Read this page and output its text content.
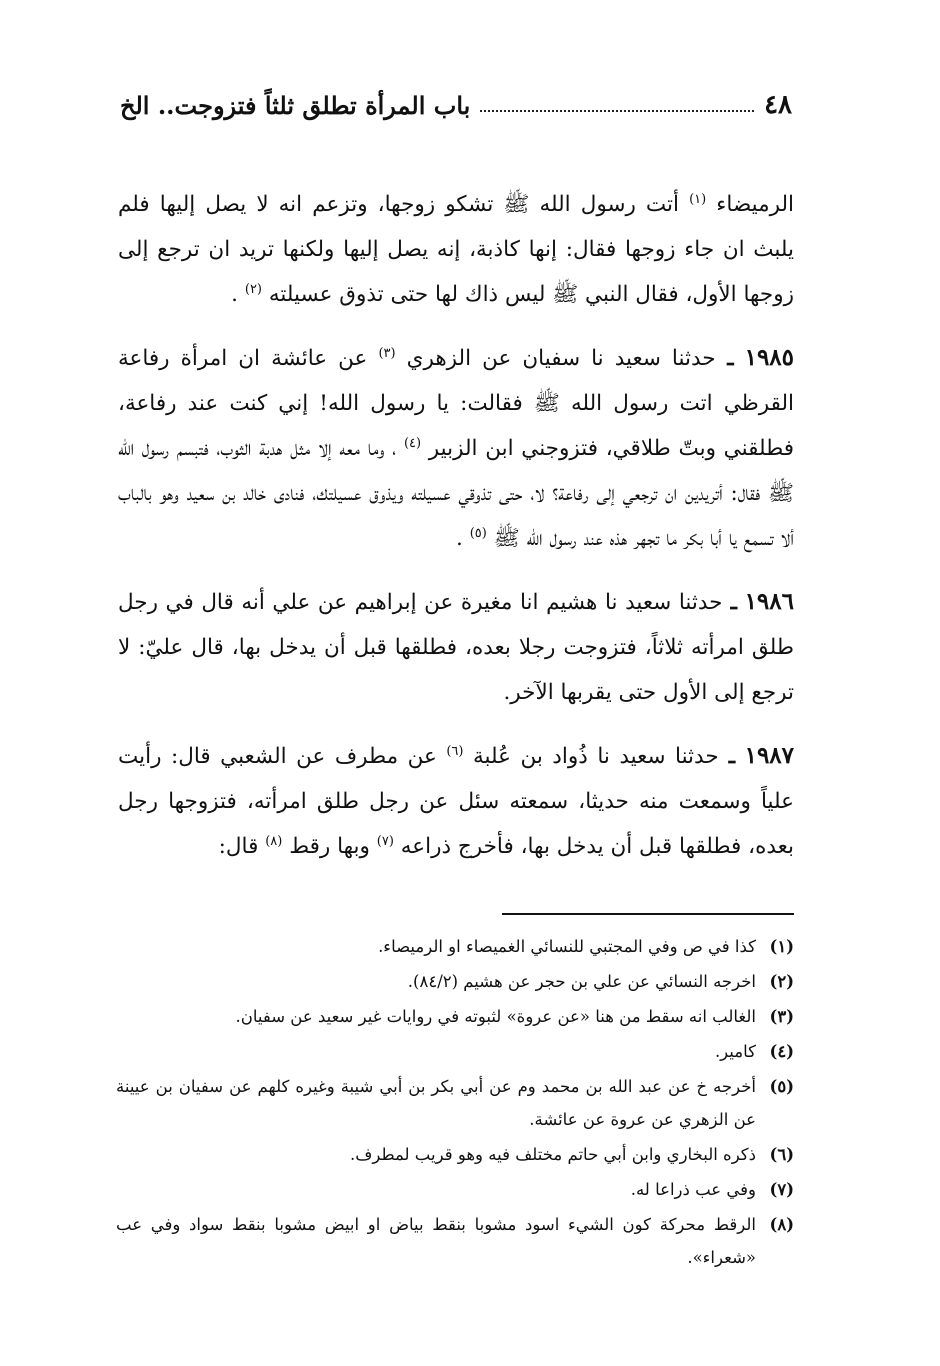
٤٨
باب المرأة تطلق ثلثاً فتزوجت.. الخ

الرميضاء $^{(١)}$ أتت رسول الله ﷺ تشكو زوجها، وتزعم انه لا يصل إليها فلم يلبث ان جاء زوجها فقال: إنها كاذبة، إنه يصل إليها ولكنها تريد ان ترجع إلى زوجها الأول، فقال النبي ﷺ ليس ذاك لها حتى تذوق عسيلته $^{(٢)}$ .

١٩٨٥ ـ حدثنا سعيد نا سفيان عن الزهري $^{(٣)}$ عن عائشة ان امرأة رفاعة القرظي اتت رسول الله ﷺ فقالت: يا رسول الله! إني كنت عند رفاعة، فطلقني وبتّ طلاقي، فتزوجني ابن الزبير $^{(٤)}$ ، وما معه إلا مثل هدبة الثوب، فتبسم رسول الله ﷺ فقال: أتريدين ان ترجعي إلى رفاعة؟ لا، حتى تذوقي عسيلته ويذوق عسيلتك، فنادى خالد بن سعيد وهو بالباب ألا تسمع يا أبا بكر ما تجهر هذه عند رسول الله ﷺ $^{(٥)}$ .

١٩٨٦ ـ حدثنا سعيد نا هشيم انا مغيرة عن إبراهيم عن علي أنه قال في رجل طلق امرأته ثلاثاً، فتزوجت رجلا بعده، فطلقها قبل أن يدخل بها، قال عليّ: لا ترجع إلى الأول حتى يقربها الآخر.

١٩٨٧ ـ حدثنا سعيد نا ذُواد بن عُلبة $^{(٦)}$ عن مطرف عن الشعبي قال: رأيت علياً وسمعت منه حديثا، سمعته سئل عن رجل طلق امرأته، فتزوجها رجل بعده، فطلقها قبل أن يدخل بها، فأخرج ذراعه $^{(٧)}$ وبها رقط $^{(٨)}$ قال:

(١)
كذا في ص وفي المجتبي للنسائي الغميصاء او الرميصاء.
(٢)
اخرجه النسائي عن علي بن حجر عن هشيم (٨٤/٢).
(٣)
الغالب انه سقط من هنا «عن عروة» لثبوته في روايات غير سعيد عن سفيان.
(٤)
كامير.
(٥)
أخرجه خ عن عبد الله بن محمد وم عن أبي بكر بن أبي شيبة وغيره كلهم عن سفيان بن عيينة عن الزهري عن عروة عن عائشة.
(٦)
ذكره البخاري وابن أبي حاتم مختلف فيه وهو قريب لمطرف.
(٧)
وفي عب ذراعا له.
(٨)
الرقط محركة كون الشيء اسود مشوبا بنقط بياض او ابيض مشوبا بنقط سواد وفي عب «شعراء».
